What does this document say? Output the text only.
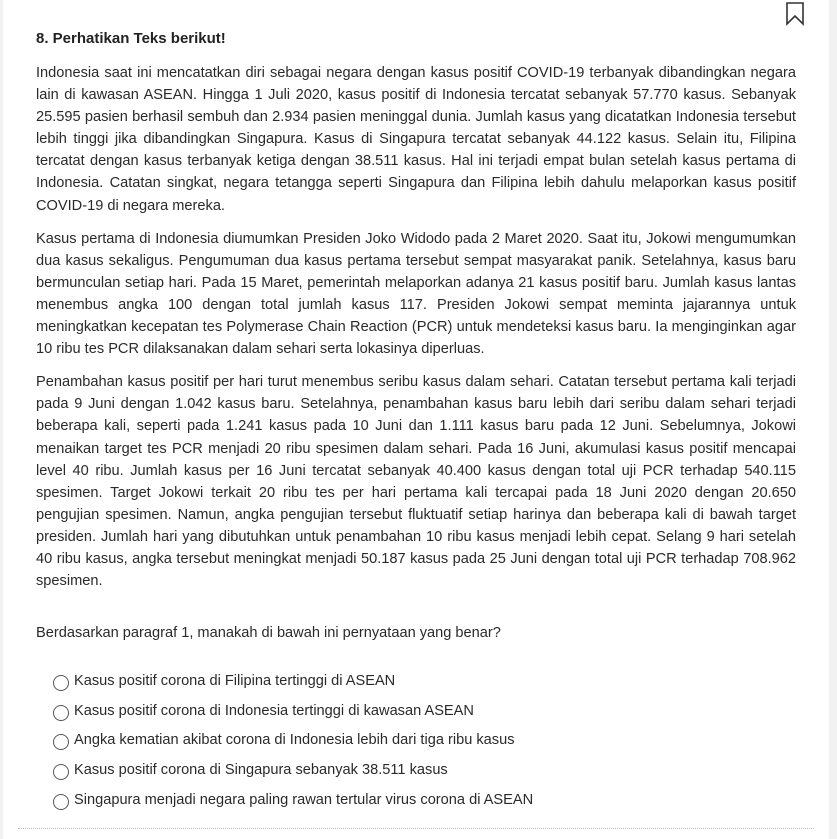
8. Perhatikan Teks berikut!

Indonesia saat ini mencatatkan diri sebagai negara dengan kasus positif COVID-19 terbanyak dibandingkan negara lain di kawasan ASEAN. Hingga 1 Juli 2020, kasus positif di Indonesia tercatat sebanyak 57.770 kasus. Sebanyak 25.595 pasien berhasil sembuh dan 2.934 pasien meninggal dunia. Jumlah kasus yang dicatatkan Indonesia tersebut lebih tinggi jika dibandingkan Singapura. Kasus di Singapura tercatat sebanyak 44.122 kasus. Selain itu, Filipina tercatat dengan kasus terbanyak ketiga dengan 38.511 kasus. Hal ini terjadi empat bulan setelah kasus pertama di Indonesia. Catatan singkat, negara tetangga seperti Singapura dan Filipina lebih dahulu melaporkan kasus positif COVID-19 di negara mereka.

Kasus pertama di Indonesia diumumkan Presiden Joko Widodo pada 2 Maret 2020. Saat itu, Jokowi mengumumkan dua kasus sekaligus. Pengumuman dua kasus pertama tersebut sempat masyarakat panik. Setelahnya, kasus baru bermunculan setiap hari. Pada 15 Maret, pemerintah melaporkan adanya 21 kasus positif baru. Jumlah kasus lantas menembus angka 100 dengan total jumlah kasus 117. Presiden Jokowi sempat meminta jajarannya untuk meningkatkan kecepatan tes Polymerase Chain Reaction (PCR) untuk mendeteksi kasus baru. Ia menginginkan agar 10 ribu tes PCR dilaksanakan dalam sehari serta lokasinya diperluas.

Penambahan kasus positif per hari turut menembus seribu kasus dalam sehari. Catatan tersebut pertama kali terjadi pada 9 Juni dengan 1.042 kasus baru. Setelahnya, penambahan kasus baru lebih dari seribu dalam sehari terjadi beberapa kali, seperti pada 1.241 kasus pada 10 Juni dan 1.111 kasus baru pada 12 Juni. Sebelumnya, Jokowi menaikan target tes PCR menjadi 20 ribu spesimen dalam sehari. Pada 16 Juni, akumulasi kasus positif mencapai level 40 ribu. Jumlah kasus per 16 Juni tercatat sebanyak 40.400 kasus dengan total uji PCR terhadap 540.115 spesimen. Target Jokowi terkait 20 ribu tes per hari pertama kali tercapai pada 18 Juni 2020 dengan 20.650 pengujian spesimen. Namun, angka pengujian tersebut fluktuatif setiap harinya dan beberapa kali di bawah target presiden. Jumlah hari yang dibutuhkan untuk penambahan 10 ribu kasus menjadi lebih cepat. Selang 9 hari setelah 40 ribu kasus, angka tersebut meningkat menjadi 50.187 kasus pada 25 Juni dengan total uji PCR terhadap 708.962 spesimen.

Berdasarkan paragraf 1, manakah di bawah ini pernyataan yang benar?
Kasus positif corona di Filipina tertinggi di ASEAN
Kasus positif corona di Indonesia tertinggi di kawasan ASEAN
Angka kematian akibat corona di Indonesia lebih dari tiga ribu kasus
Kasus positif corona di Singapura sebanyak 38.511 kasus
Singapura menjadi negara paling rawan tertular virus corona di ASEAN
